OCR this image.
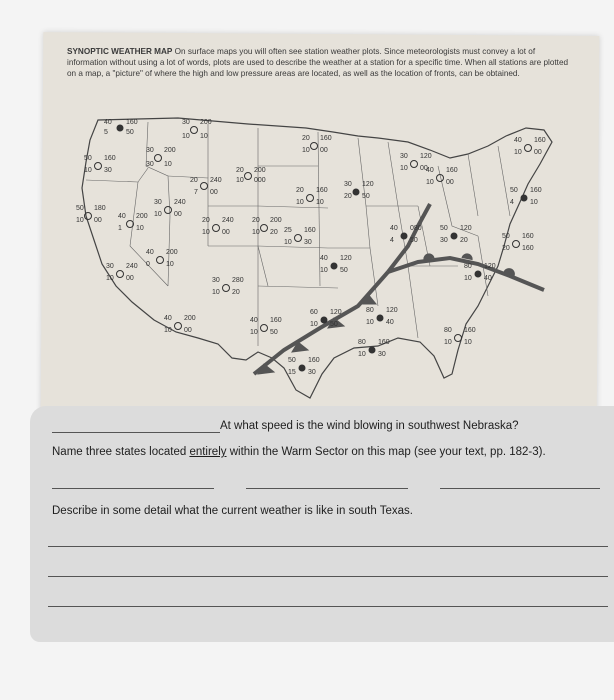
SYNOPTIC WEATHER MAP On surface maps you will often see station weather plots. Since meteorologists must convey a lot of information without using a lot of words, plots are used to describe the weather at a station for a specific time. When all stations are plotted on a map, a "picture" of where the high and low pressure areas are located, as well as the location of fronts, can be obtained.
40 160
5	50
30 200
10 10
50 160
10 30
30 200
30 10
20 240
7 00
20 200
10 000
20 160
10 00
30 120
10 00
40 160
10 00
50 180
10 00
40 200
1 10
30 240
10 00
20 240
10 00
20 200
10 20
20 160
10 10
30 120
20 50
40 200
0 10
30 240
10 00	30 280
10 20
25 160
10 30
40 120
10 50
40 200
10 00
40 160
10 50
60 120
10 50
80 120
10 40
80 160
10 30
50 160
15 30
40 080
4 50
50 120
30 20
40 160
10 00
50 160
4 10
80 120
10 40
80 160
10 10
50 160
20 160
At what speed is the wind blowing in southwest Nebraska?
Name three states located entirely within the Warm Sector on this map (see your text, pp. 182-3).
Describe in some detail what the current weather is like in south Texas.
